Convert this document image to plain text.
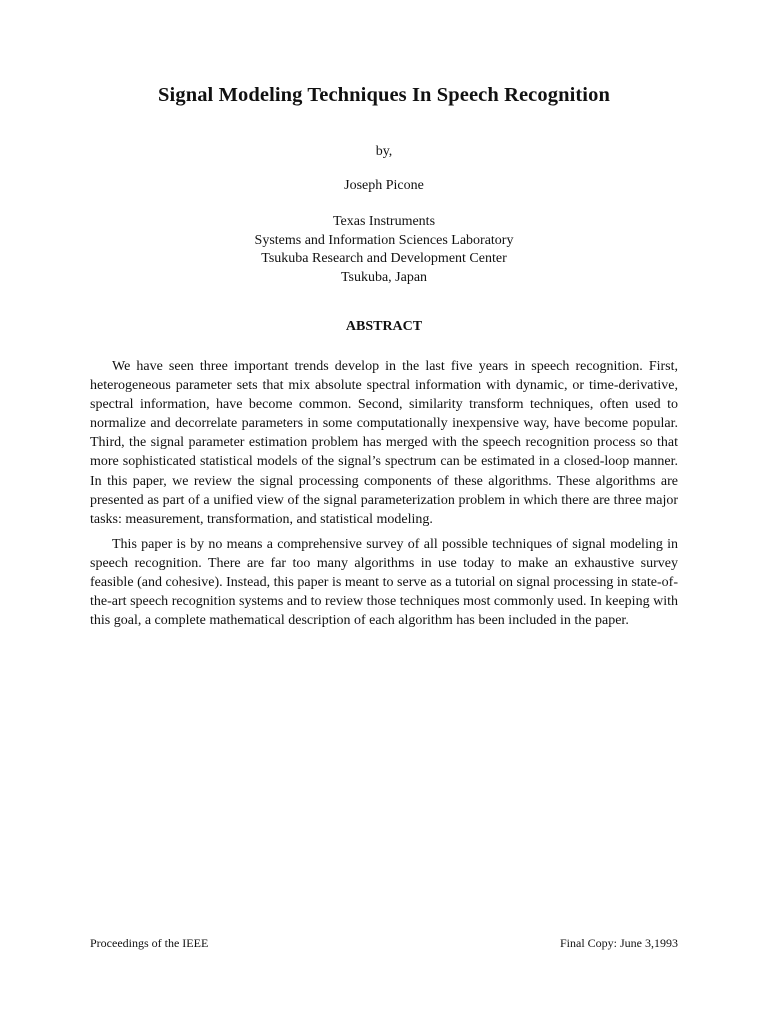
Signal Modeling Techniques In Speech Recognition
by,
Joseph Picone
Texas Instruments
Systems and Information Sciences Laboratory
Tsukuba Research and Development Center
Tsukuba, Japan
ABSTRACT

We have seen three important trends develop in the last five years in speech recognition. First, heterogeneous parameter sets that mix absolute spectral information with dynamic, or time-derivative, spectral information, have become common. Second, similarity transform techniques, often used to normalize and decorrelate parameters in some computationally inexpensive way, have become popular. Third, the signal parameter estimation problem has merged with the speech recognition process so that more sophisticated statistical models of the signal’s spectrum can be estimated in a closed-loop manner. In this paper, we review the signal processing components of these algorithms. These algorithms are presented as part of a unified view of the signal parameterization problem in which there are three major tasks: measurement, transformation, and statistical modeling.

This paper is by no means a comprehensive survey of all possible techniques of signal modeling in speech recognition. There are far too many algorithms in use today to make an exhaustive survey feasible (and cohesive). Instead, this paper is meant to serve as a tutorial on signal processing in state-of-the-art speech recognition systems and to review those techniques most commonly used. In keeping with this goal, a complete mathematical description of each algorithm has been included in the paper.

Proceedings of the IEEE	Final Copy: June 3,1993
